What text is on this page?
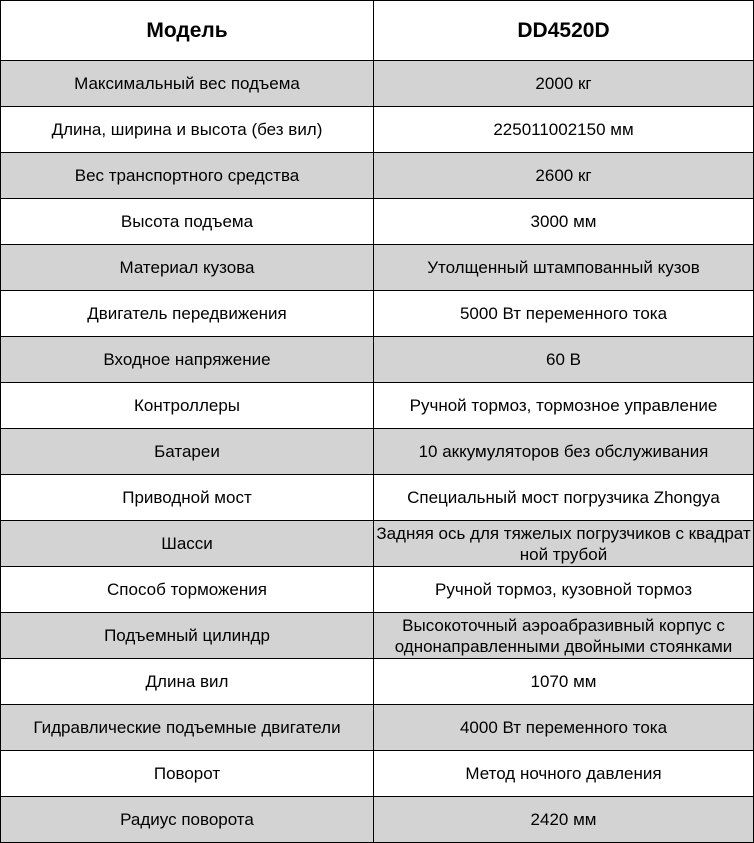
Модель	DD4520D
Максимальный вес подъема	2000 кг
Длина, ширина и высота (без вил)	225011002150 мм
Вес транспортного средства	2600 кг
Высота подъема	3000 мм
Материал кузова	Утолщенный штампованный кузов
Двигатель передвижения	5000 Вт переменного тока
Входное напряжение	60 В
Контроллеры	Ручной тормоз, тормозное управление
Батареи	10 аккумуляторов без обслуживания
Приводной мост	Специальный мост погрузчика Zhongya
Шасси	Задняя ось для тяжелых погрузчиков с квадратной трубой
Способ торможения	Ручной тормоз, кузовной тормоз
Подъемный цилиндр	Высокоточный аэроабразивный корпус с однонаправленными двойными стоянками
Длина вил	1070 мм
Гидравлические подъемные двигатели	4000 Вт переменного тока
Поворот	Метод ночного давления
Радиус поворота	2420 мм
